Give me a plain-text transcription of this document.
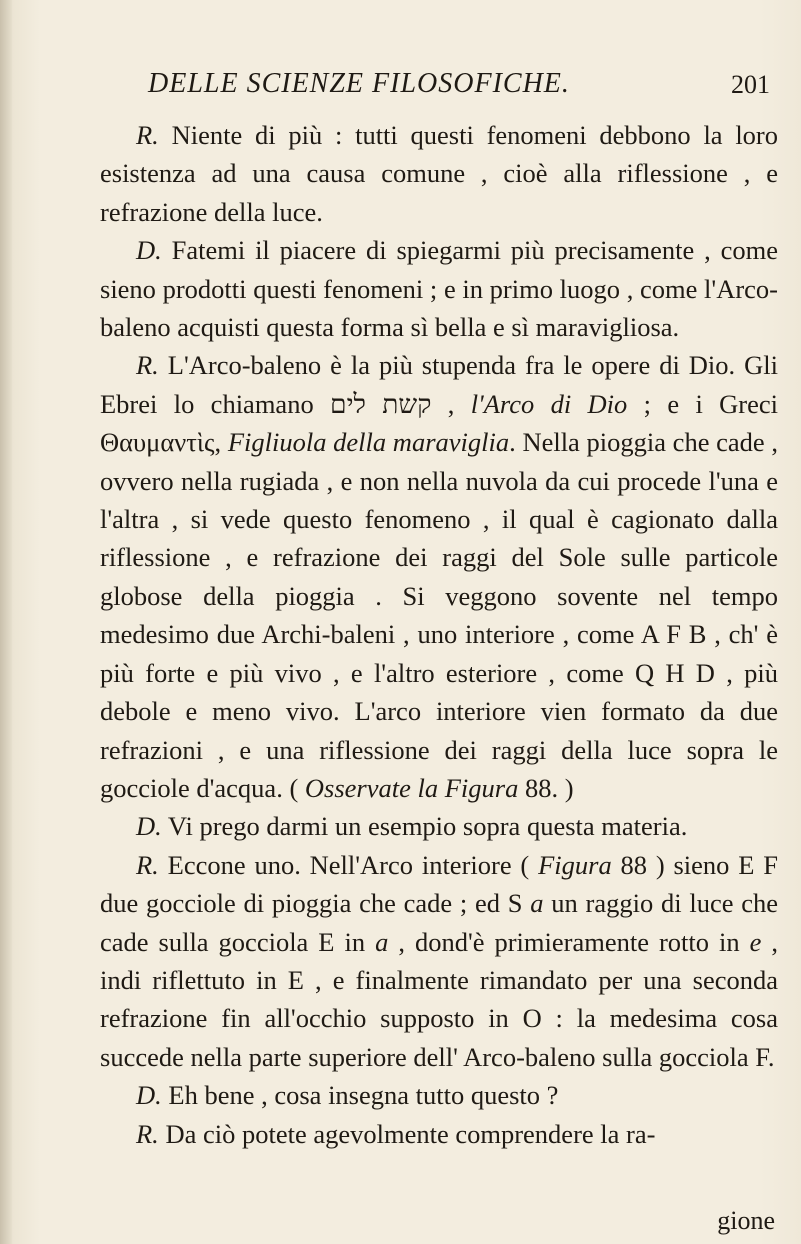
DELLE SCIENZE FILOSOFICHE.	201

R. Niente di più : tutti questi fenomeni debbono la loro esistenza ad una causa comune , cioè alla riflessione , e refrazione della luce.

D. Fatemi il piacere di spiegarmi più precisamente , come sieno prodotti questi fenomeni ; e in primo luogo , come l'Arco-baleno acquisti questa forma sì bella e sì maravigliosa.

R. L'Arco-baleno è la più stupenda fra le opere di Dio. Gli Ebrei lo chiamano קשת לים , l'Arco di Dio ; e i Greci Θαυμαντὶς, Figliuola della maraviglia. Nella pioggia che cade , ovvero nella rugiada , e non nella nuvola da cui procede l'una e l'altra , si vede questo fenomeno , il qual è cagionato dalla riflessione , e refrazione dei raggi del Sole sulle particole globose della pioggia . Si veggono sovente nel tempo medesimo due Archi-baleni , uno interiore , come A F B , ch' è più forte e più vivo , e l'altro esteriore , come Q H D , più debole e meno vivo. L'arco interiore vien formato da due refrazioni , e una riflessione dei raggi della luce sopra le gocciole d'acqua. ( Osservate la Figura 88. )

D. Vi prego darmi un esempio sopra questa materia.

R. Eccone uno. Nell'Arco interiore ( Figura 88 ) sieno E F due gocciole di pioggia che cade ; ed S a un raggio di luce che cade sulla gocciola E in a , dond'è primieramente rotto in e , indi riflettuto in E , e finalmente rimandato per una seconda refrazione fin all'occhio supposto in O : la medesima cosa succede nella parte superiore dell' Arco-baleno sulla gocciola F.

D. Eh bene , cosa insegna tutto questo ?

R. Da ciò potete agevolmente comprendere la ra-

gione
